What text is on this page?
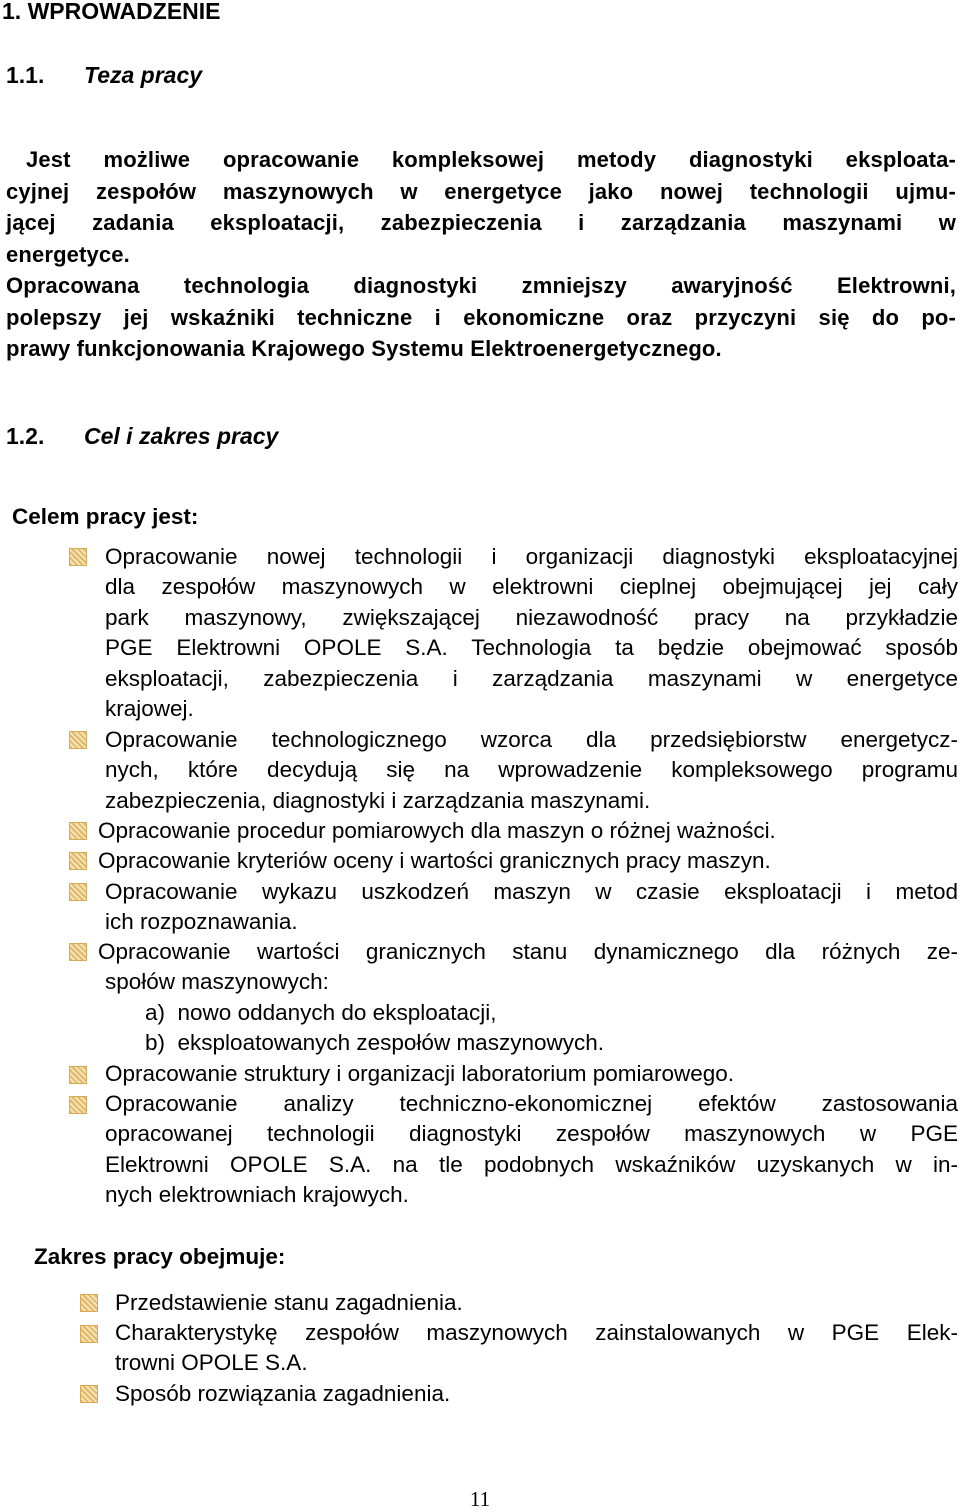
1. WPROWADZENIE
1.1. Teza pracy
Jest możliwe opracowanie kompleksowej metody diagnostyki eksploata-
cyjnej zespołów maszynowych w energetyce jako nowej technologii ujmu-
jącej zadania eksploatacji, zabezpieczenia i zarządzania maszynami w
energetyce.
Opracowana technologia diagnostyki zmniejszy awaryjność Elektrowni,
polepszy jej wskaźniki techniczne i ekonomiczne oraz przyczyni się do po-
prawy funkcjonowania Krajowego Systemu Elektroenergetycznego.
1.2. Cel i zakres pracy
Celem pracy jest:
Opracowanie nowej technologii i organizacji diagnostyki eksploatacyjnej
dla zespołów maszynowych w elektrowni cieplnej obejmującej jej cały
park maszynowy, zwiększającej niezawodność pracy na przykładzie
PGE Elektrowni OPOLE S.A. Technologia ta będzie obejmować sposób
eksploatacji, zabezpieczenia i zarządzania maszynami w energetyce
krajowej.
Opracowanie technologicznego wzorca dla przedsiębiorstw energetycz-
nych, które decydują się na wprowadzenie kompleksowego programu
zabezpieczenia, diagnostyki i zarządzania maszynami.
Opracowanie procedur pomiarowych dla maszyn o różnej ważności.
Opracowanie kryteriów oceny i wartości granicznych pracy maszyn.
Opracowanie wykazu uszkodzeń maszyn w czasie eksploatacji i metod
ich rozpoznawania.
Opracowanie wartości granicznych stanu dynamicznego dla różnych ze-
społów maszynowych:
a) nowo oddanych do eksploatacji,
b) eksploatowanych zespołów maszynowych.
Opracowanie struktury i organizacji laboratorium pomiarowego.
Opracowanie analizy techniczno-ekonomicznej efektów zastosowania
opracowanej technologii diagnostyki zespołów maszynowych w PGE
Elektrowni OPOLE S.A. na tle podobnych wskaźników uzyskanych w in-
nych elektrowniach krajowych.
Zakres pracy obejmuje:
Przedstawienie stanu zagadnienia.
Charakterystykę zespołów maszynowych zainstalowanych w PGE Elek-
trowni OPOLE S.A.
Sposób rozwiązania zagadnienia.
11
